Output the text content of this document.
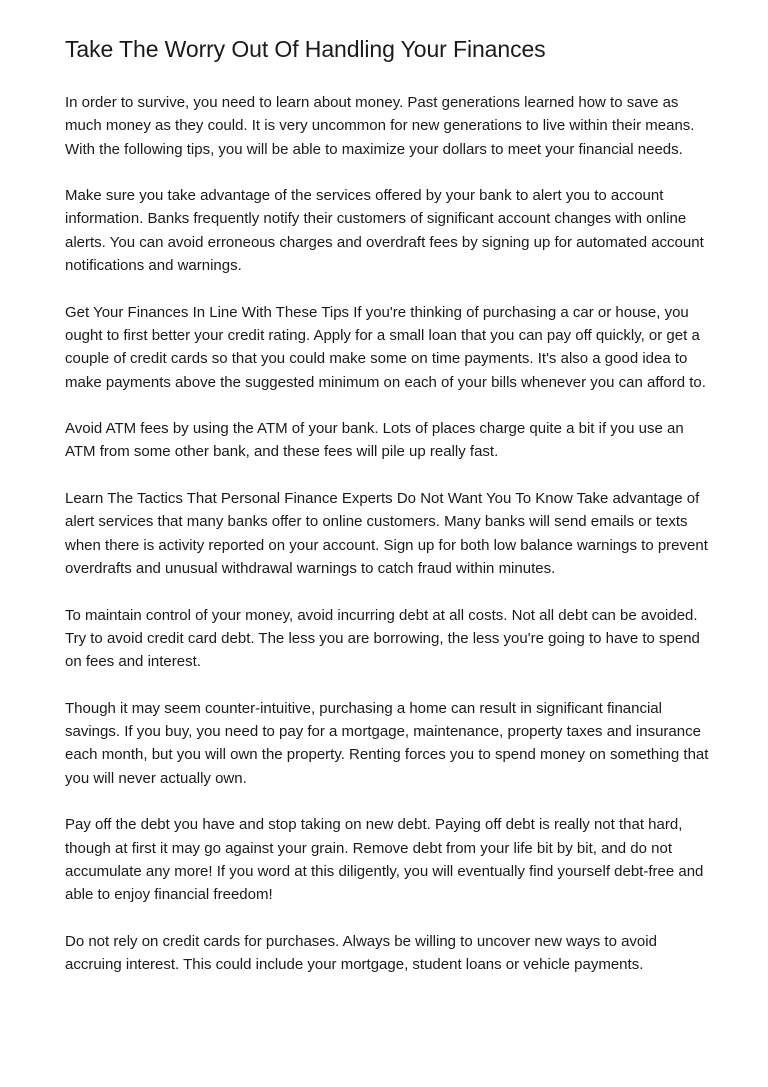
Take The Worry Out Of Handling Your Finances

In order to survive, you need to learn about money. Past generations learned how to save as much money as they could. It is very uncommon for new generations to live within their means. With the following tips, you will be able to maximize your dollars to meet your financial needs.

Make sure you take advantage of the services offered by your bank to alert you to account information. Banks frequently notify their customers of significant account changes with online alerts. You can avoid erroneous charges and overdraft fees by signing up for automated account notifications and warnings.

Get Your Finances In Line With These Tips If you're thinking of purchasing a car or house, you ought to first better your credit rating. Apply for a small loan that you can pay off quickly, or get a couple of credit cards so that you could make some on time payments. It's also a good idea to make payments above the suggested minimum on each of your bills whenever you can afford to.

Avoid ATM fees by using the ATM of your bank. Lots of places charge quite a bit if you use an ATM from some other bank, and these fees will pile up really fast.

Learn The Tactics That Personal Finance Experts Do Not Want You To Know Take advantage of alert services that many banks offer to online customers. Many banks will send emails or texts when there is activity reported on your account. Sign up for both low balance warnings to prevent overdrafts and unusual withdrawal warnings to catch fraud within minutes.

To maintain control of your money, avoid incurring debt at all costs. Not all debt can be avoided. Try to avoid credit card debt. The less you are borrowing, the less you're going to have to spend on fees and interest.

Though it may seem counter-intuitive, purchasing a home can result in significant financial savings. If you buy, you need to pay for a mortgage, maintenance, property taxes and insurance each month, but you will own the property. Renting forces you to spend money on something that you will never actually own.

Pay off the debt you have and stop taking on new debt. Paying off debt is really not that hard, though at first it may go against your grain. Remove debt from your life bit by bit, and do not accumulate any more! If you word at this diligently, you will eventually find yourself debt-free and able to enjoy financial freedom!

Do not rely on credit cards for purchases. Always be willing to uncover new ways to avoid accruing interest. This could include your mortgage, student loans or vehicle payments.
